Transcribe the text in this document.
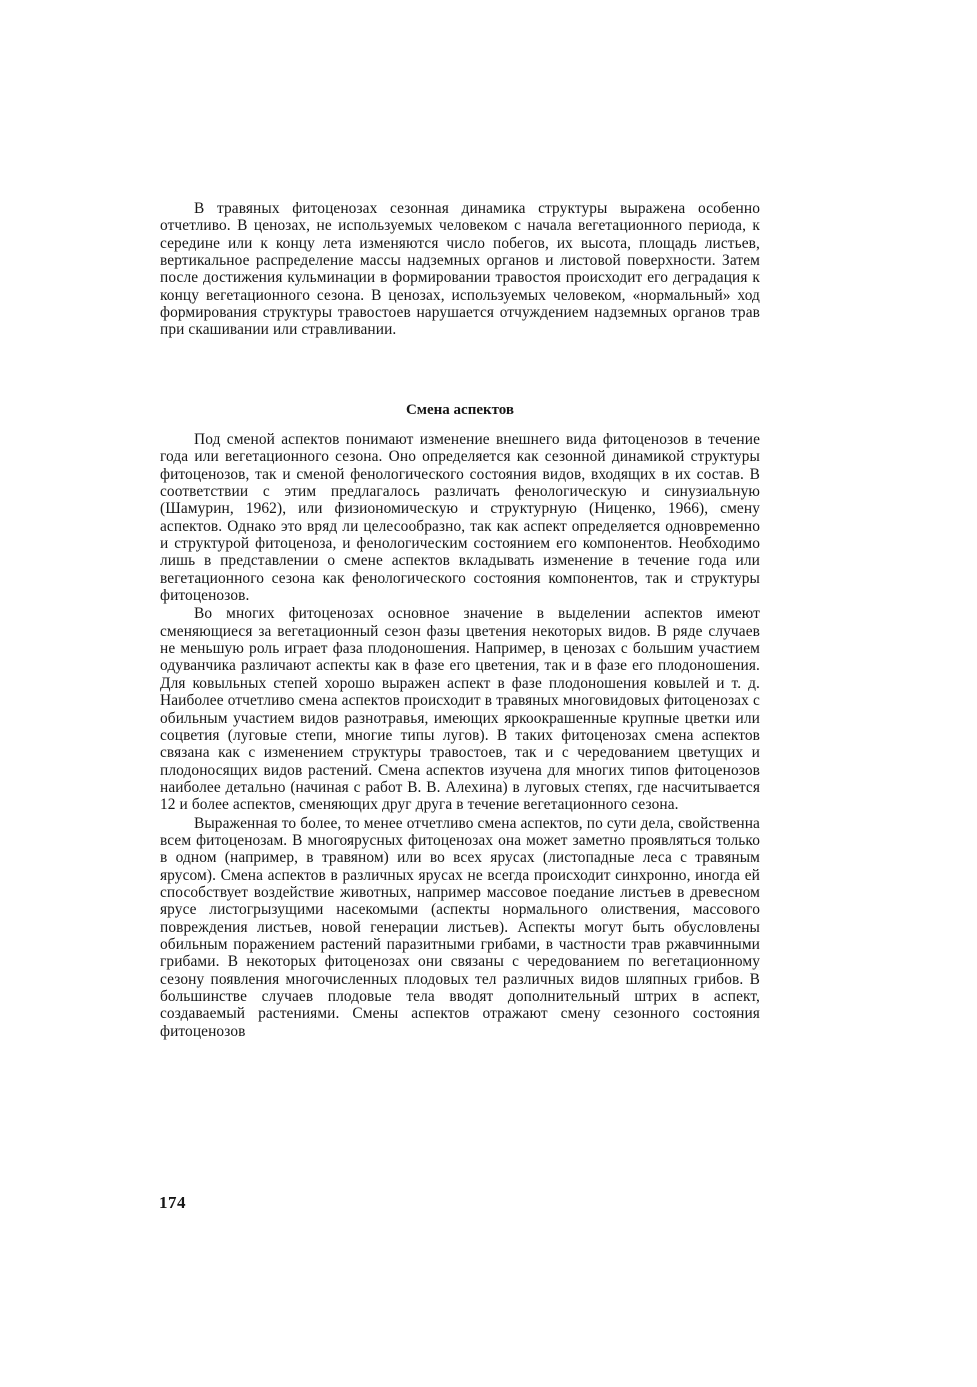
В травяных фитоценозах сезонная динамика структуры выражена особенно отчетливо. В ценозах, не используемых человеком с начала вегетационного периода, к середине или к концу лета изменяются число побегов, их высота, площадь листьев, вертикальное распределение массы надземных органов и листовой поверхности. Затем после достижения кульминации в формировании травостоя происходит его деградация к концу вегетационного сезона. В ценозах, используемых человеком, «нормальный» ход формирования структуры травостоев нарушается отчуждением надземных органов трав при скашивании или стравливании.

Смена аспектов

Под сменой аспектов понимают изменение внешнего вида фитоценозов в течение года или вегетационного сезона. Оно определяется как сезонной динамикой структуры фитоценозов, так и сменой фенологического состояния видов, входящих в их состав. В соответствии с этим предлагалось различать фенологическую и синузиальную (Шамурин, 1962), или физиономическую и структурную (Ниценко, 1966), смену аспектов. Однако это вряд ли целесообразно, так как аспект определяется одновременно и структурой фитоценоза, и фенологическим состоянием его компонентов. Необходимо лишь в представлении о смене аспектов вкладывать изменение в течение года или вегетационного сезона как фенологического состояния компонентов, так и структуры фитоценозов.

Во многих фитоценозах основное значение в выделении аспектов имеют сменяющиеся за вегетационный сезон фазы цветения некоторых видов. В ряде случаев не меньшую роль играет фаза плодоношения. Например, в ценозах с большим участием одуванчика различают аспекты как в фазе его цветения, так и в фазе его плодоношения. Для ковыльных степей хорошо выражен аспект в фазе плодоношения ковылей и т. д. Наиболее отчетливо смена аспектов происходит в травяных многовидовых фитоценозах с обильным участием видов разнотравья, имеющих яркоокрашенные крупные цветки или соцветия (луговые степи, многие типы лугов). В таких фитоценозах смена аспектов связана как с изменением структуры травостоев, так и с чередованием цветущих и плодоносящих видов растений. Смена аспектов изучена для многих типов фитоценозов наиболее детально (начиная с работ В. В. Алехина) в луговых степях, где насчитывается 12 и более аспектов, сменяющих друг друга в течение вегетационного сезона.

Выраженная то более, то менее отчетливо смена аспектов, по сути дела, свойственна всем фитоценозам. В многоярусных фитоценозах она может заметно проявляться только в одном (например, в травяном) или во всех ярусах (листопадные леса с травяным ярусом). Смена аспектов в различных ярусах не всегда происходит синхронно, иногда ей способствует воздействие животных, например массовое поедание листьев в древесном ярусе листогрызущими насекомыми (аспекты нормального олиствения, массового повреждения листьев, новой генерации листьев). Аспекты могут быть обусловлены обильным поражением растений паразитными грибами, в частности трав ржавчинными грибами. В некоторых фитоценозах они связаны с чередованием по вегетационному сезону появления многочисленных плодовых тел различных видов шляпных грибов. В большинстве случаев плодовые тела вводят дополнительный штрих в аспект, создаваемый растениями. Смены аспектов отражают смену сезонного состояния фитоценозов

174
